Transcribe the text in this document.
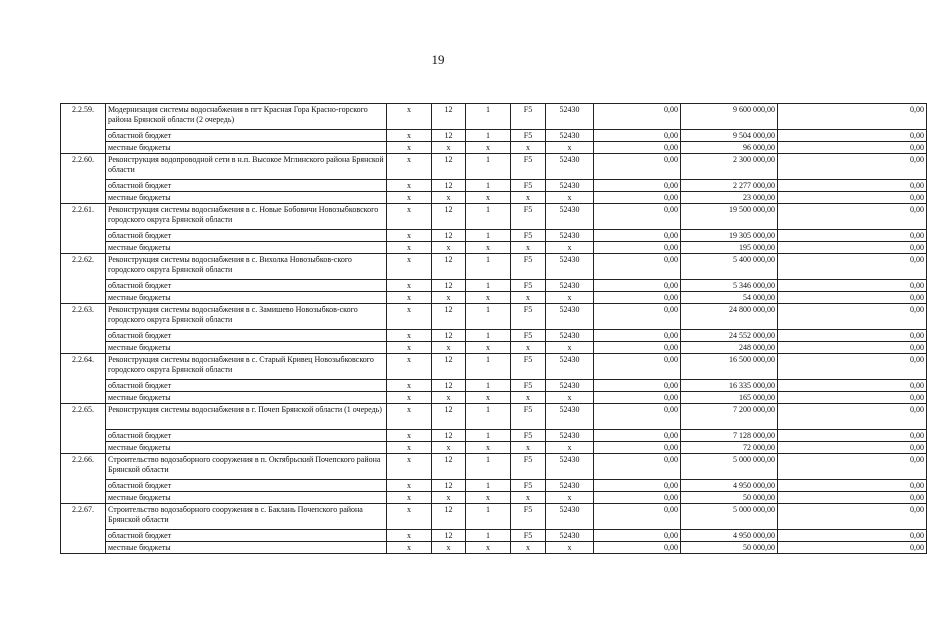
19
2.2.59.	Модернизация системы водоснабжения в пгт Красная Гора Красно-горского района Брянской области (2 очередь)	х	12	1	F5	52430	0,00	9 600 000,00	0,00
	областной бюджет	х	12	1	F5	52430	0,00	9 504 000,00	0,00
	местные бюджеты	х	х	х	х	х	0,00	96 000,00	0,00
2.2.60.	Реконструкция водопроводной сети в н.п. Высокое Мглинского района Брянской области	х	12	1	F5	52430	0,00	2 300 000,00	0,00
	областной бюджет	х	12	1	F5	52430	0,00	2 277 000,00	0,00
	местные бюджеты	х	х	х	х	х	0,00	23 000,00	0,00
2.2.61.	Реконструкция системы водоснабжения в с. Новые Бобовичи Новозыбковского городского округа Брянской области	х	12	1	F5	52430	0,00	19 500 000,00	0,00
	областной бюджет	х	12	1	F5	52430	0,00	19 305 000,00	0,00
	местные бюджеты	х	х	х	х	х	0,00	195 000,00	0,00
2.2.62.	Реконструкция системы водоснабжения в с. Вихолка Новозыбков-ского городского округа Брянской области	х	12	1	F5	52430	0,00	5 400 000,00	0,00
	областной бюджет	х	12	1	F5	52430	0,00	5 346 000,00	0,00
	местные бюджеты	х	х	х	х	х	0,00	54 000,00	0,00
2.2.63.	Реконструкция системы водоснабжения в с. Замишево Новозыбков-ского городского округа Брянской области	х	12	1	F5	52430	0,00	24 800 000,00	0,00
	областной бюджет	х	12	1	F5	52430	0,00	24 552 000,00	0,00
	местные бюджеты	х	х	х	х	х	0,00	248 000,00	0,00
2.2.64.	Реконструкция системы водоснабжения в с. Старый Кривец Новозыбковского городского округа Брянской области	х	12	1	F5	52430	0,00	16 500 000,00	0,00
	областной бюджет	х	12	1	F5	52430	0,00	16 335 000,00	0,00
	местные бюджеты	х	х	х	х	х	0,00	165 000,00	0,00
2.2.65.	Реконструкция системы водоснабжения в г. Почеп Брянской области (1 очередь)	х	12	1	F5	52430	0,00	7 200 000,00	0,00
	областной бюджет	х	12	1	F5	52430	0,00	7 128 000,00	0,00
	местные бюджеты	х	х	х	х	х	0,00	72 000,00	0,00
2.2.66.	Строительство водозаборного сооружения в п. Октябрьский Почепского района Брянской области	х	12	1	F5	52430	0,00	5 000 000,00	0,00
	областной бюджет	х	12	1	F5	52430	0,00	4 950 000,00	0,00
	местные бюджеты	х	х	х	х	х	0,00	50 000,00	0,00
2.2.67.	Строительство водозаборного сооружения в с. Баклань Почепского района Брянской области	х	12	1	F5	52430	0,00	5 000 000,00	0,00
	областной бюджет	х	12	1	F5	52430	0,00	4 950 000,00	0,00
	местные бюджеты	х	х	х	х	х	0,00	50 000,00	0,00
